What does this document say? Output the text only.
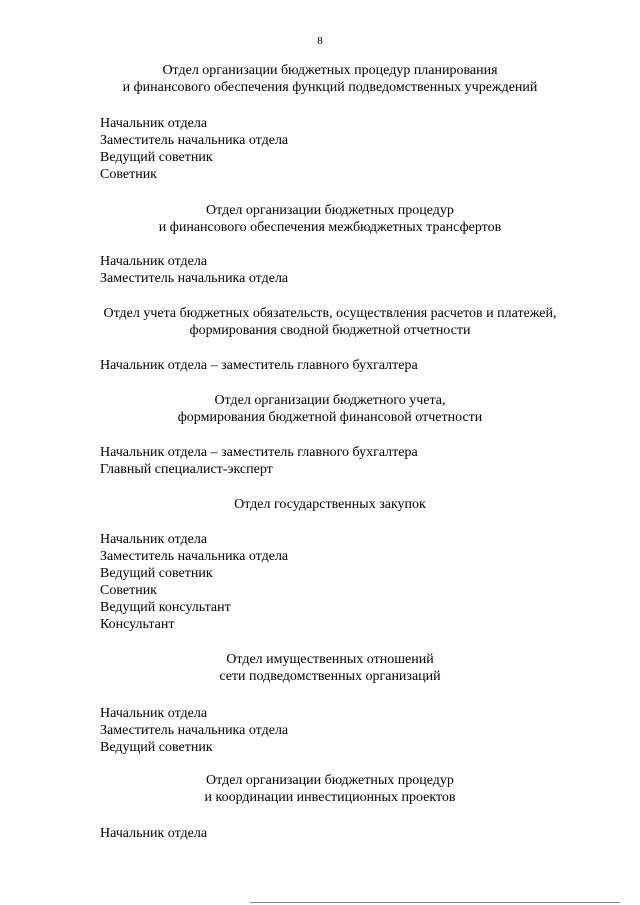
8
Отдел организации бюджетных процедур планирования
и финансового обеспечения функций подведомственных учреждений
Начальник отдела
Заместитель начальника отдела
Ведущий советник
Советник
Отдел организации бюджетных процедур
и финансового обеспечения межбюджетных трансфертов
Начальник отдела
Заместитель начальника отдела
Отдел учета бюджетных обязательств, осуществления расчетов и платежей,
формирования сводной бюджетной отчетности
Начальник отдела – заместитель главного бухгалтера
Отдел организации бюджетного учета,
формирования бюджетной финансовой отчетности
Начальник отдела – заместитель главного бухгалтера
Главный специалист-эксперт
Отдел государственных закупок
Начальник отдела
Заместитель начальника отдела
Ведущий советник
Советник
Ведущий консультант
Консультант
Отдел имущественных отношений
сети подведомственных организаций
Начальник отдела
Заместитель начальника отдела
Ведущий советник
Отдел организации бюджетных процедур
и координации инвестиционных проектов
Начальник отдела
